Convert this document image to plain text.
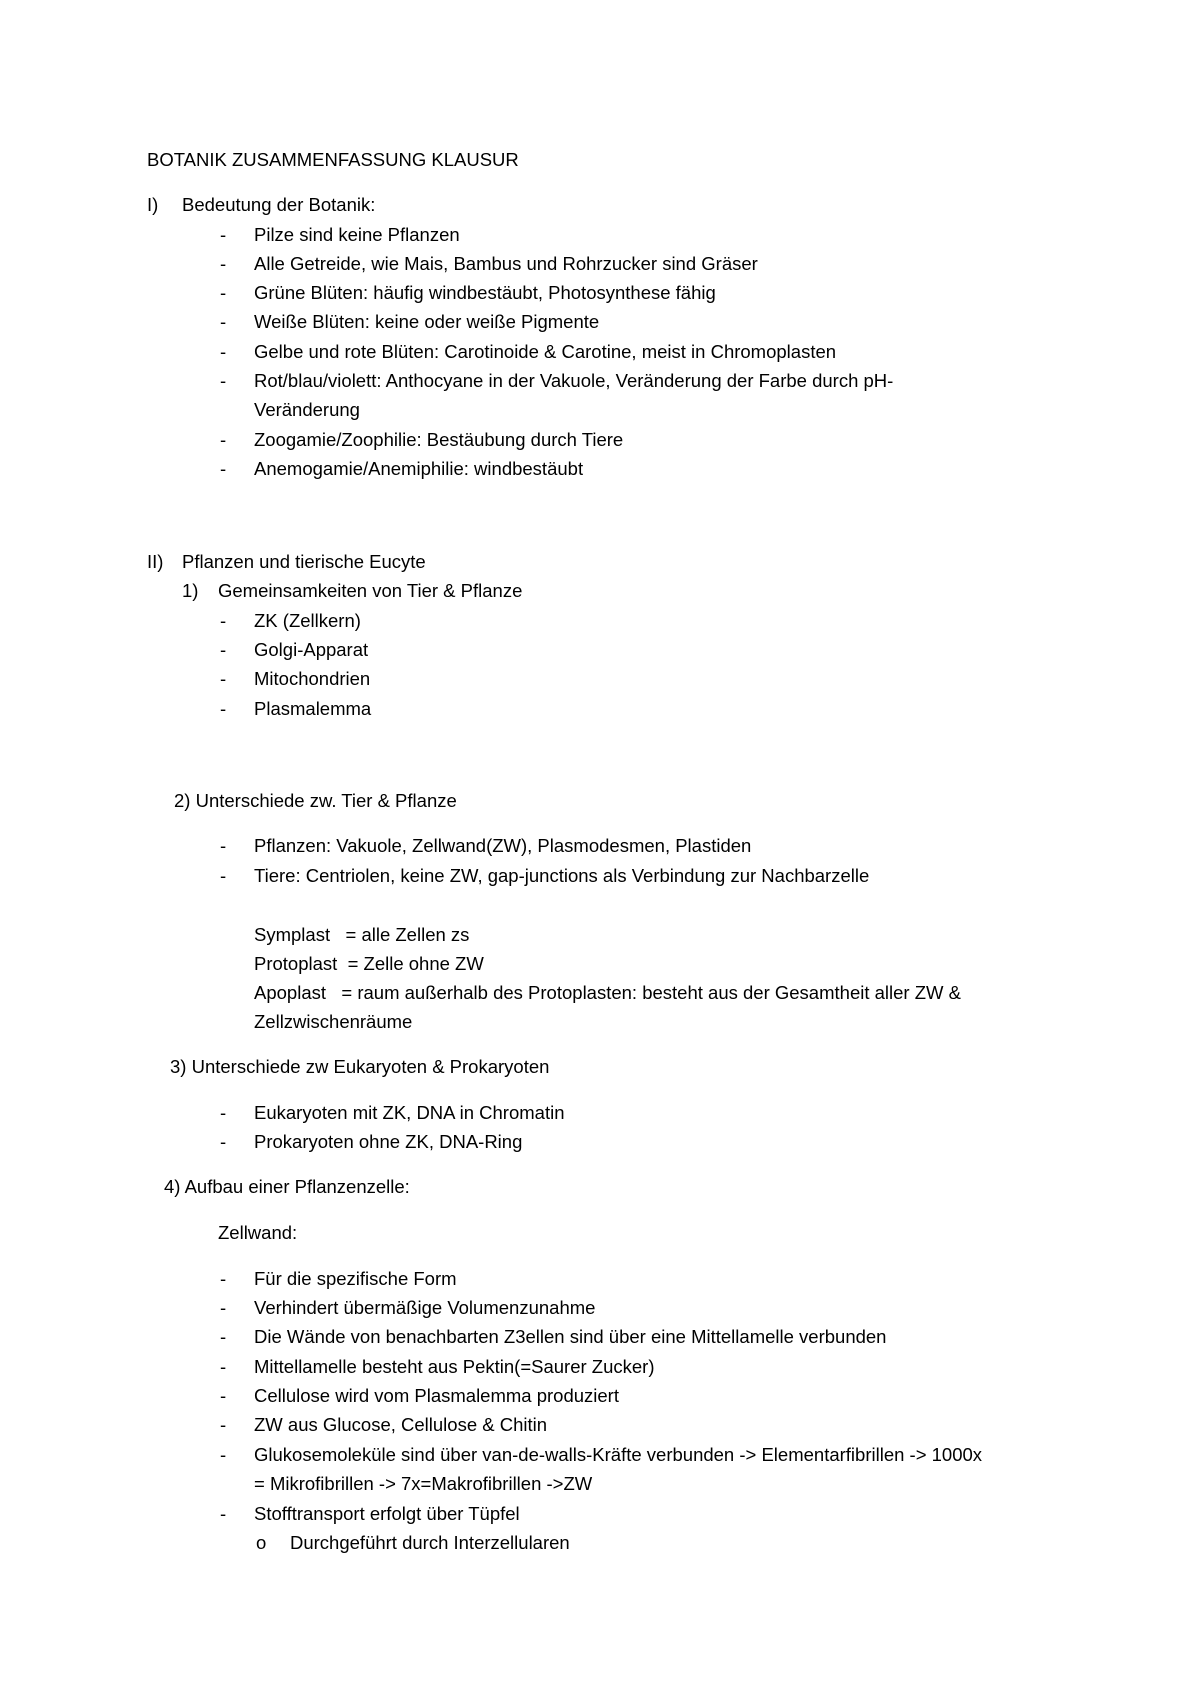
BOTANIK ZUSAMMENFASSUNG KLAUSUR
I) Bedeutung der Botanik:
- Pilze sind keine Pflanzen
- Alle Getreide, wie Mais, Bambus und Rohrzucker sind Gräser
- Grüne Blüten: häufig windbestäubt, Photosynthese fähig
- Weiße Blüten: keine oder weiße Pigmente
- Gelbe und rote Blüten: Carotinoide & Carotine, meist in Chromoplasten
- Rot/blau/violett: Anthocyane in der Vakuole, Veränderung der Farbe durch pH-
Veränderung
- Zoogamie/Zoophilie: Bestäubung durch Tiere
- Anemogamie/Anemiphilie: windbestäubt
II) Pflanzen und tierische Eucyte
1) Gemeinsamkeiten von Tier & Pflanze
- ZK (Zellkern)
- Golgi-Apparat
- Mitochondrien
- Plasmalemma
2) Unterschiede zw. Tier & Pflanze
- Pflanzen: Vakuole, Zellwand(ZW), Plasmodesmen, Plastiden
- Tiere: Centriolen, keine ZW, gap-junctions als Verbindung zur Nachbarzelle
Symplast   = alle Zellen zs
Protoplast  = Zelle ohne ZW
Apoplast   = raum außerhalb des Protoplasten: besteht aus der Gesamtheit aller ZW &
Zellzwischenräume
3) Unterschiede zw Eukaryoten & Prokaryoten
- Eukaryoten mit ZK, DNA in Chromatin
- Prokaryoten ohne ZK, DNA-Ring
4) Aufbau einer Pflanzenzelle:
Zellwand:
- Für die spezifische Form
- Verhindert übermäßige Volumenzunahme
- Die Wände von benachbarten Z3ellen sind über eine Mittellamelle verbunden
- Mittellamelle besteht aus Pektin(=Saurer Zucker)
- Cellulose wird vom Plasmalemma produziert
- ZW aus Glucose, Cellulose & Chitin
- Glukosemoleküle sind über van-de-walls-Kräfte verbunden -> Elementarfibrillen -> 1000x
= Mikrofibrillen -> 7x=Makrofibrillen ->ZW
- Stofftransport erfolgt über Tüpfel
o Durchgeführt durch Interzellularen
